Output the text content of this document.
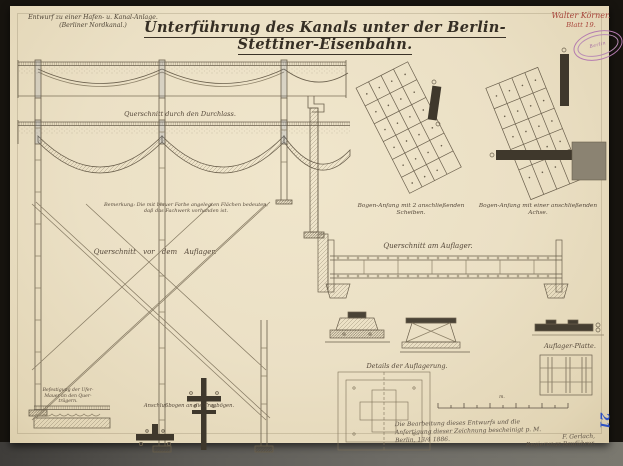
Entwurf zu einer Hafen- u. Kanal-Anlage.
(Berliner Nordkanal.)	Unterführung des Kanals unter der Berlin-Stettiner-Eisenbahn.
Walter Körner.
Blatt 19.
Berlin
Querschnitt durch den Durchlass.
Bemerkung: Die mit blauer Farbe angelegten Flächen bedeuten,
daß das Fachwerk vorhanden ist.
Querschnitt vor dem Auflager.
Bogen-Anfang mit 2 anschließenden
Scheiben.
Bogen-Anfang mit einer anschließenden
Achse.
Querschnitt am Auflager.
Details der Auflagerung.
Auflager-Platte.
Befestigung der Ufer-
Mauer an den Quer-
trägern.
Anschlußbogen an die Tragbögen.
m.
Die Bearbeitung dieses Entwurfs und die
Anfertigung dieser Zeichnung bescheinigt p. M.
Berlin, 13/4 1886.	F. Gerlach,
Regierungs-Bauführer.
21
